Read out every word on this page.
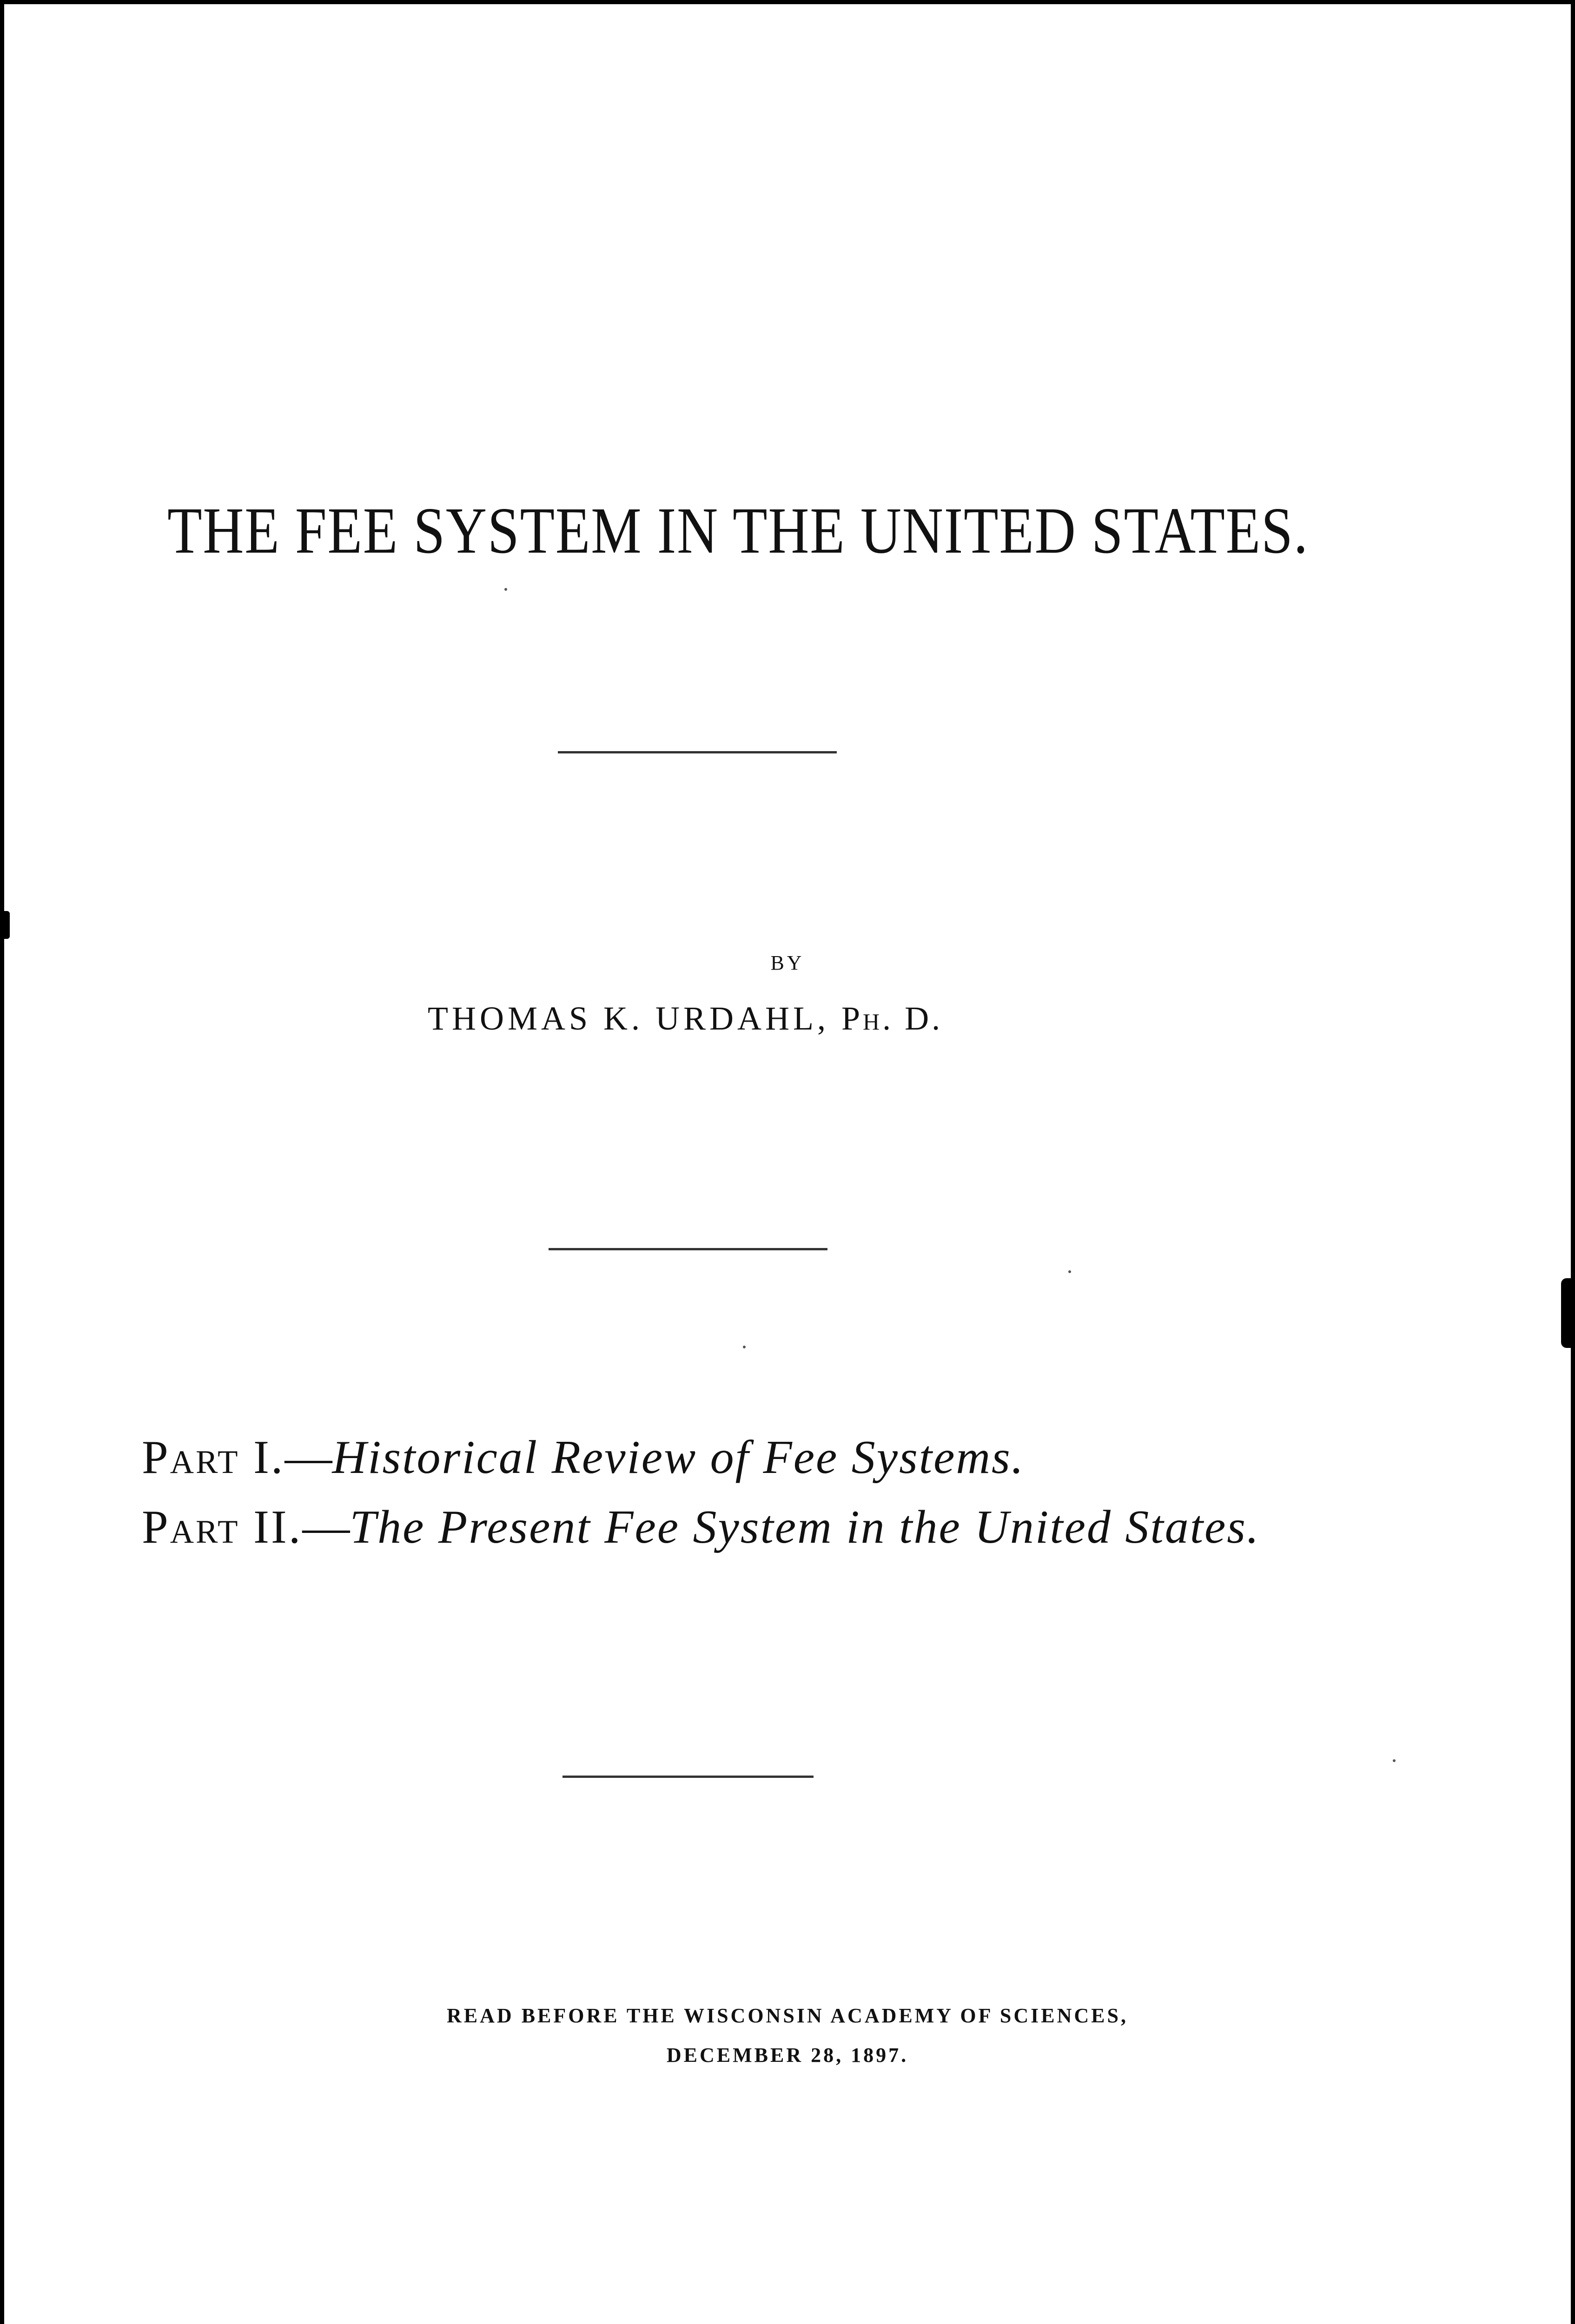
THE FEE SYSTEM IN THE UNITED STATES.
BY
THOMAS K. URDAHL, Ph. D.
Part I.—Historical Review of Fee Systems.
Part II.—The Present Fee System in the United States.
READ BEFORE THE WISCONSIN ACADEMY OF SCIENCES,
DECEMBER 28, 1897.
